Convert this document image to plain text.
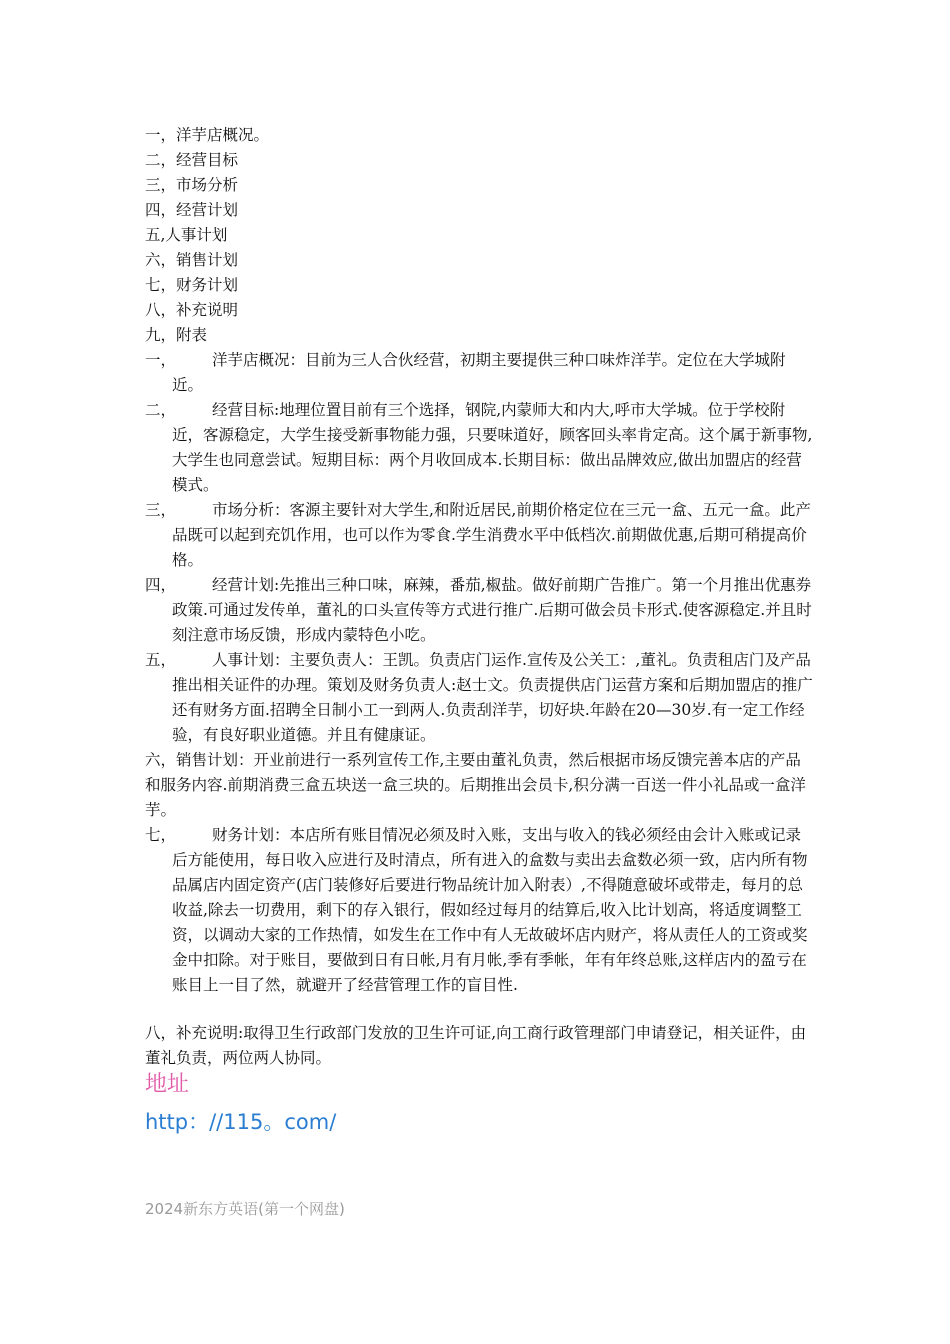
一，洋芋店概况。
二，经营目标
三，市场分析
四，经营计划
五,人事计划
六，销售计划
七，财务计划
八，补充说明
九，附表
一，	洋芋店概况：目前为三人合伙经营，初期主要提供三种口味炸洋芋。定位在大学城附近。
二，	经营目标:地理位置目前有三个选择，钢院,内蒙师大和内大,呼市大学城。位于学校附近，客源稳定，大学生接受新事物能力强，只要味道好，顾客回头率肯定高。这个属于新事物,大学生也同意尝试。短期目标：两个月收回成本.长期目标：做出品牌效应,做出加盟店的经营模式。
三，	市场分析：客源主要针对大学生,和附近居民,前期价格定位在三元一盒、五元一盒。此产品既可以起到充饥作用，也可以作为零食.学生消费水平中低档次.前期做优惠,后期可稍提高价格。
四，	经营计划:先推出三种口味，麻辣，番茄,椒盐。做好前期广告推广。第一个月推出优惠券政策.可通过发传单，董礼的口头宣传等方式进行推广.后期可做会员卡形式.使客源稳定.并且时刻注意市场反馈，形成内蒙特色小吃。
五，	人事计划：主要负责人：王凯。负责店门运作.宣传及公关工：,董礼。负责租店门及产品推出相关证件的办理。策划及财务负责人:赵士文。负责提供店门运营方案和后期加盟店的推广还有财务方面.招聘全日制小工一到两人.负责刮洋芋，切好块.年龄在20—30岁.有一定工作经验，有良好职业道德。并且有健康证。
六，销售计划：开业前进行一系列宣传工作,主要由董礼负责，然后根据市场反馈完善本店的产品和服务内容.前期消费三盒五块送一盒三块的。后期推出会员卡,积分满一百送一件小礼品或一盒洋芋。
七，	财务计划：本店所有账目情况必须及时入账，支出与收入的钱必须经由会计入账或记录后方能使用，每日收入应进行及时清点，所有进入的盒数与卖出去盒数必须一致，店内所有物品属店内固定资产(店门装修好后要进行物品统计加入附表）,不得随意破坏或带走，每月的总收益,除去一切费用，剩下的存入银行，假如经过每月的结算后,收入比计划高，将适度调整工资，以调动大家的工作热情，如发生在工作中有人无故破坏店内财产，将从责任人的工资或奖金中扣除。对于账目，要做到日有日帐,月有月帐,季有季帐，年有年终总账,这样店内的盈亏在账目上一目了然，就避开了经营管理工作的盲目性.
八，补充说明:取得卫生行政部门发放的卫生许可证,向工商行政管理部门申请登记，相关证件，由董礼负责，两位两人协同。
地址
http：//115。com/
2024新东方英语(第一个网盘)
